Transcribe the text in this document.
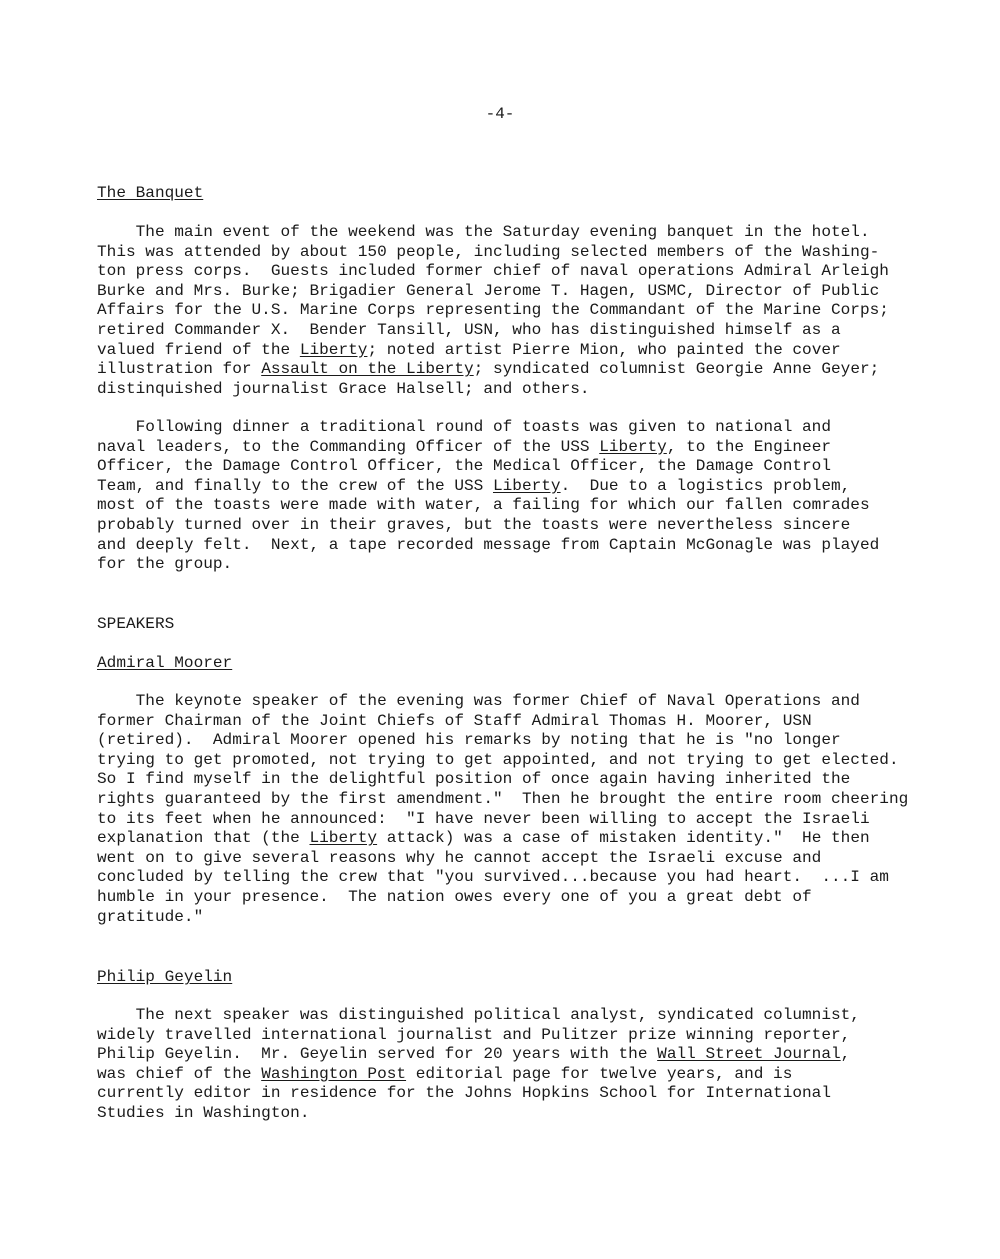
-4-
The Banquet
The main event of the weekend was the Saturday evening banquet in the hotel.
This was attended by about 150 people, including selected members of the Washing-
ton press corps.  Guests included former chief of naval operations Admiral Arleigh
Burke and Mrs. Burke; Brigadier General Jerome T. Hagen, USMC, Director of Public
Affairs for the U.S. Marine Corps representing the Commandant of the Marine Corps;
retired Commander X.  Bender Tansill, USN, who has distinguished himself as a
valued friend of the Liberty; noted artist Pierre Mion, who painted the cover
illustration for Assault on the Liberty; syndicated columnist Georgie Anne Geyer;
distinquished journalist Grace Halsell; and others.
Following dinner a traditional round of toasts was given to national and
naval leaders, to the Commanding Officer of the USS Liberty, to the Engineer
Officer, the Damage Control Officer, the Medical Officer, the Damage Control
Team, and finally to the crew of the USS Liberty.  Due to a logistics problem,
most of the toasts were made with water, a failing for which our fallen comrades
probably turned over in their graves, but the toasts were nevertheless sincere
and deeply felt.  Next, a tape recorded message from Captain McGonagle was played
for the group.
SPEAKERS
Admiral Moorer
The keynote speaker of the evening was former Chief of Naval Operations and
former Chairman of the Joint Chiefs of Staff Admiral Thomas H. Moorer, USN
(retired).  Admiral Moorer opened his remarks by noting that he is "no longer
trying to get promoted, not trying to get appointed, and not trying to get elected.
So I find myself in the delightful position of once again having inherited the
rights guaranteed by the first amendment."  Then he brought the entire room cheering
to its feet when he announced:  "I have never been willing to accept the Israeli
explanation that (the Liberty attack) was a case of mistaken identity."  He then
went on to give several reasons why he cannot accept the Israeli excuse and
concluded by telling the crew that "you survived...because you had heart.  ...I am
humble in your presence.  The nation owes every one of you a great debt of
gratitude."
Philip Geyelin
The next speaker was distinguished political analyst, syndicated columnist,
widely travelled international journalist and Pulitzer prize winning reporter,
Philip Geyelin.  Mr. Geyelin served for 20 years with the Wall Street Journal,
was chief of the Washington Post editorial page for twelve years, and is
currently editor in residence for the Johns Hopkins School for International
Studies in Washington.
